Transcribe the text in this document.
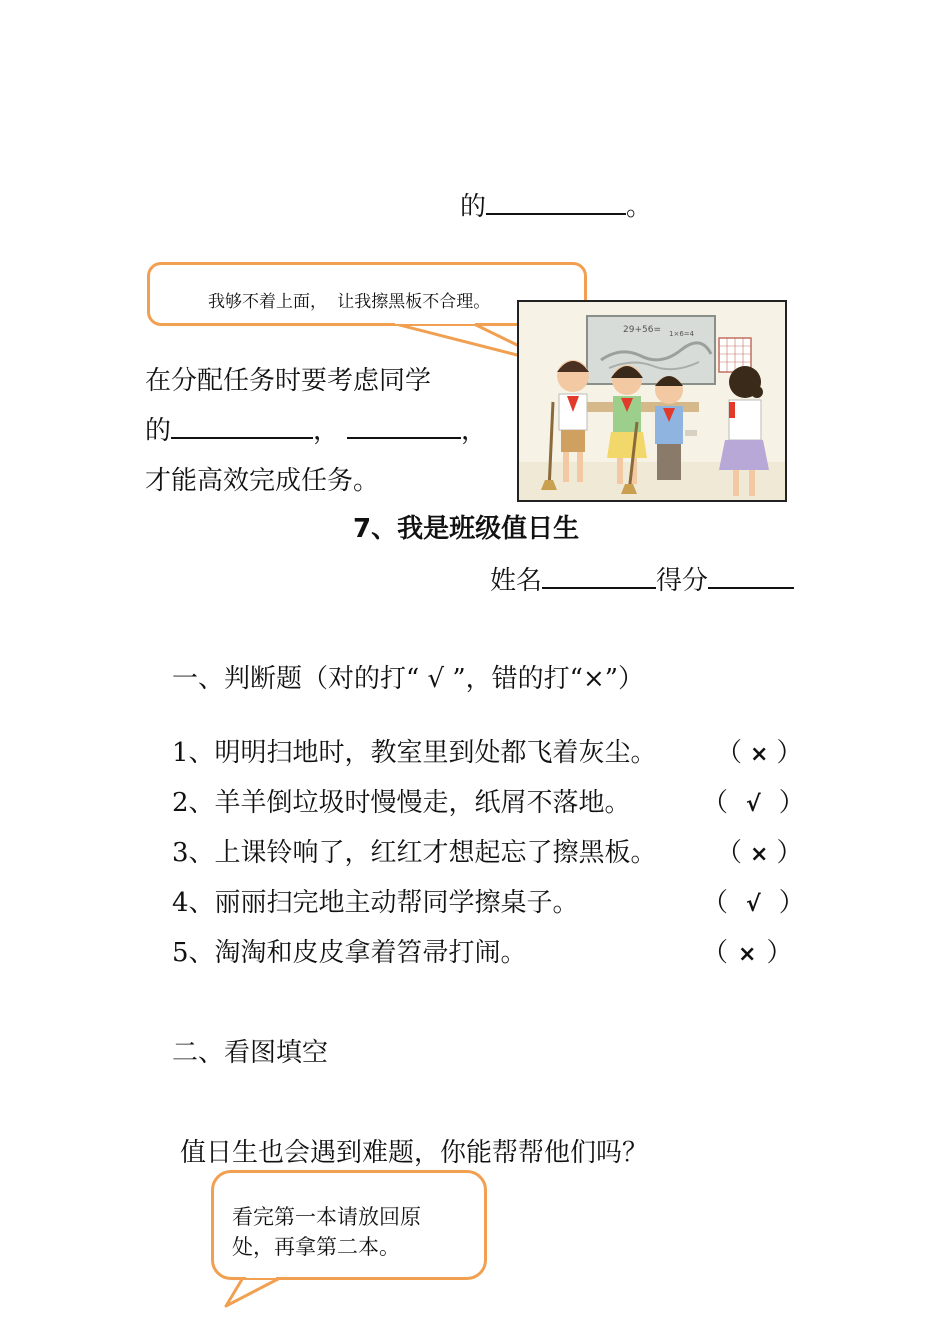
的	。
我够不着上面， 让我擦黑板不合理。
29+56= 1×6=4
在分配任务时要考虑同学
的	，	，
才能高效完成任务。
7、我是班级值日生
姓名	得分
一、判断题（对的打“ √ ”，错的打“×”）
1、明明扫地时，教室里到处都飞着灰尘。 （ × ）
2、羊羊倒垃圾时慢慢走，纸屑不落地。	（ √ ）
3、上课铃响了，红红才想起忘了擦黑板。 （ × ）
4、丽丽扫完地主动帮同学擦桌子。	（ √ ）
5、淘淘和皮皮拿着笤帚打闹。	（ × ）
二、看图填空
值日生也会遇到难题，你能帮帮他们吗？
看完第一本请放回原
处，再拿第二本。
